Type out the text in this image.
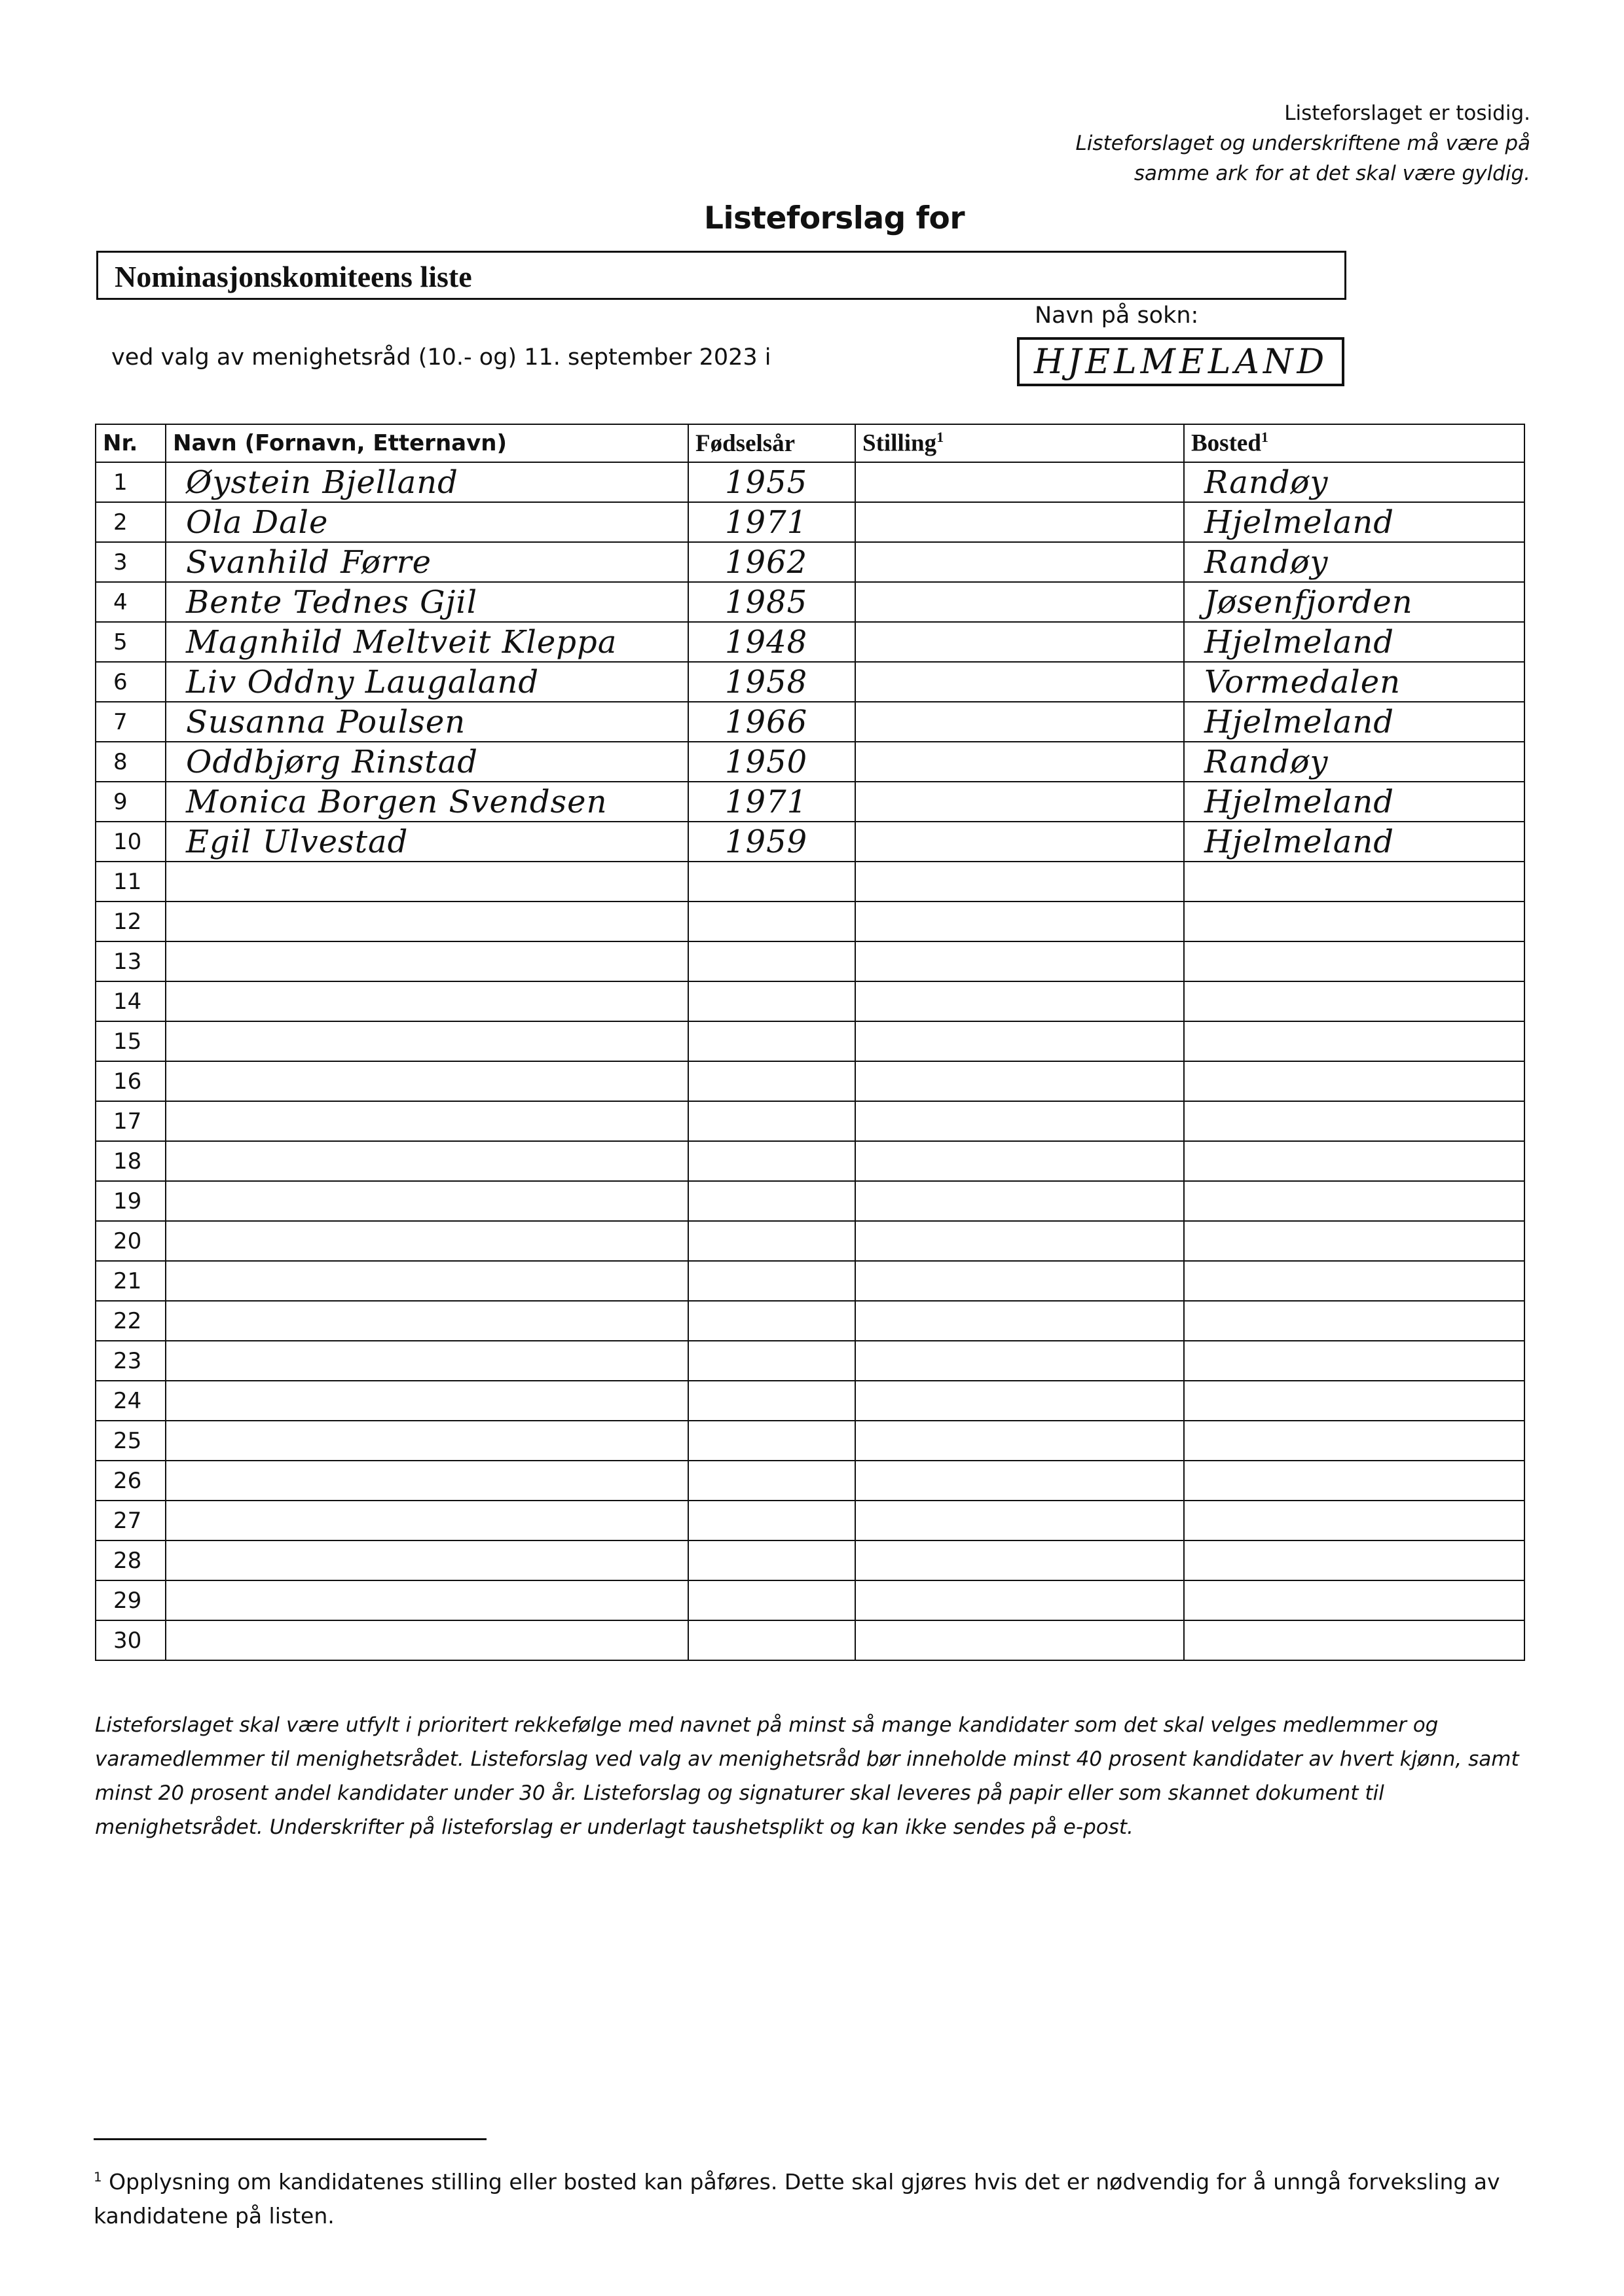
Listeforslaget er tosidig.
Listeforslaget og underskriftene må være på
samme ark for at det skal være gyldig.
Listeforslag for
Nominasjonskomiteens liste
Navn på sokn:
ved valg av menighetsråd (10.- og) 11. september 2023 i	HJELMELAND
Nr.	Navn (Fornavn, Etternavn)	Fødselsår	Stilling$^1$	Bosted$^1$
1	Øystein Bjelland	1955		Randøy
2	Ola Dale	1971		Hjelmeland
3	Svanhild Førre	1962		Randøy
4	Bente Tednes Gjil	1985		Jøsenfjorden
5	Magnhild Meltveit Kleppa	1948		Hjelmeland
6	Liv Oddny Laugaland	1958		Vormedalen
7	Susanna Poulsen	1966		Hjelmeland
8	Oddbjørg Rinstad	1950		Randøy
9	Monica Borgen Svendsen	1971		Hjelmeland
10	Egil Ulvestad	1959		Hjelmeland
11				
12				
13				
14				
15				
16				
17				
18				
19				
20				
21				
22				
23				
24				
25				
26				
27				
28				
29				
30				
Listeforslaget skal være utfylt i prioritert rekkefølge med navnet på minst så mange kandidater som det skal velges medlemmer og varamedlemmer til menighetsrådet. Listeforslag ved valg av menighetsråd bør inneholde minst 40 prosent kandidater av hvert kjønn, samt minst 20 prosent andel kandidater under 30 år. Listeforslag og signaturer skal leveres på papir eller som skannet dokument til menighetsrådet. Underskrifter på listeforslag er underlagt taushetsplikt og kan ikke sendes på e-post.
$^1$ Opplysning om kandidatenes stilling eller bosted kan påføres. Dette skal gjøres hvis det er nødvendig for å unngå forveksling av kandidatene på listen.
